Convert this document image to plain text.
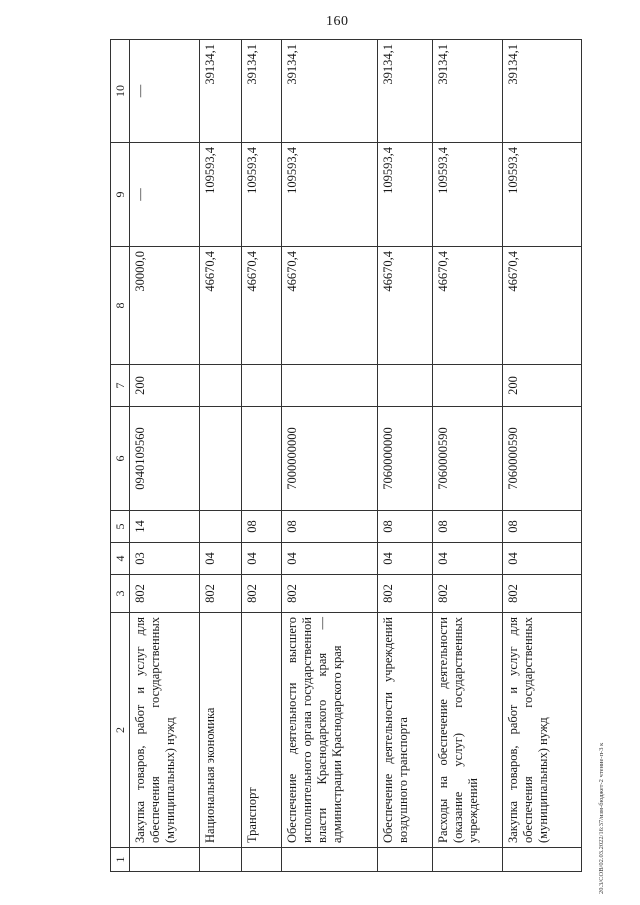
160
20.3/СОВ/02.03.2022/16:37/изм-бюджет-2 чтение-п-3 к
1	2	3	4	5	6	7	8	9	10
	Закупка товаров, работ и услуг для обеспечения государственных (муниципальных) нужд	802	03	14	0940109560	200	30000,0	—	—
	Национальная экономика	802	04				46670,4	109593,4	39134,1
	Транспорт	802	04	08			46670,4	109593,4	39134,1
	Обеспечение деятельности высшего исполнительного органа государственной власти Краснодарского края — администрации Краснодарского края	802	04	08	7000000000		46670,4	109593,4	39134,1
	Обеспечение деятельности учреждений воздушного транспорта	802	04	08	7060000000		46670,4	109593,4	39134,1
	Расходы на обеспечение деятельности (оказание услуг) государственных учреждений	802	04	08	7060000590		46670,4	109593,4	39134,1
	Закупка товаров, работ и услуг для обеспечения государственных (муниципальных) нужд	802	04	08	7060000590	200	46670,4	109593,4	39134,1
